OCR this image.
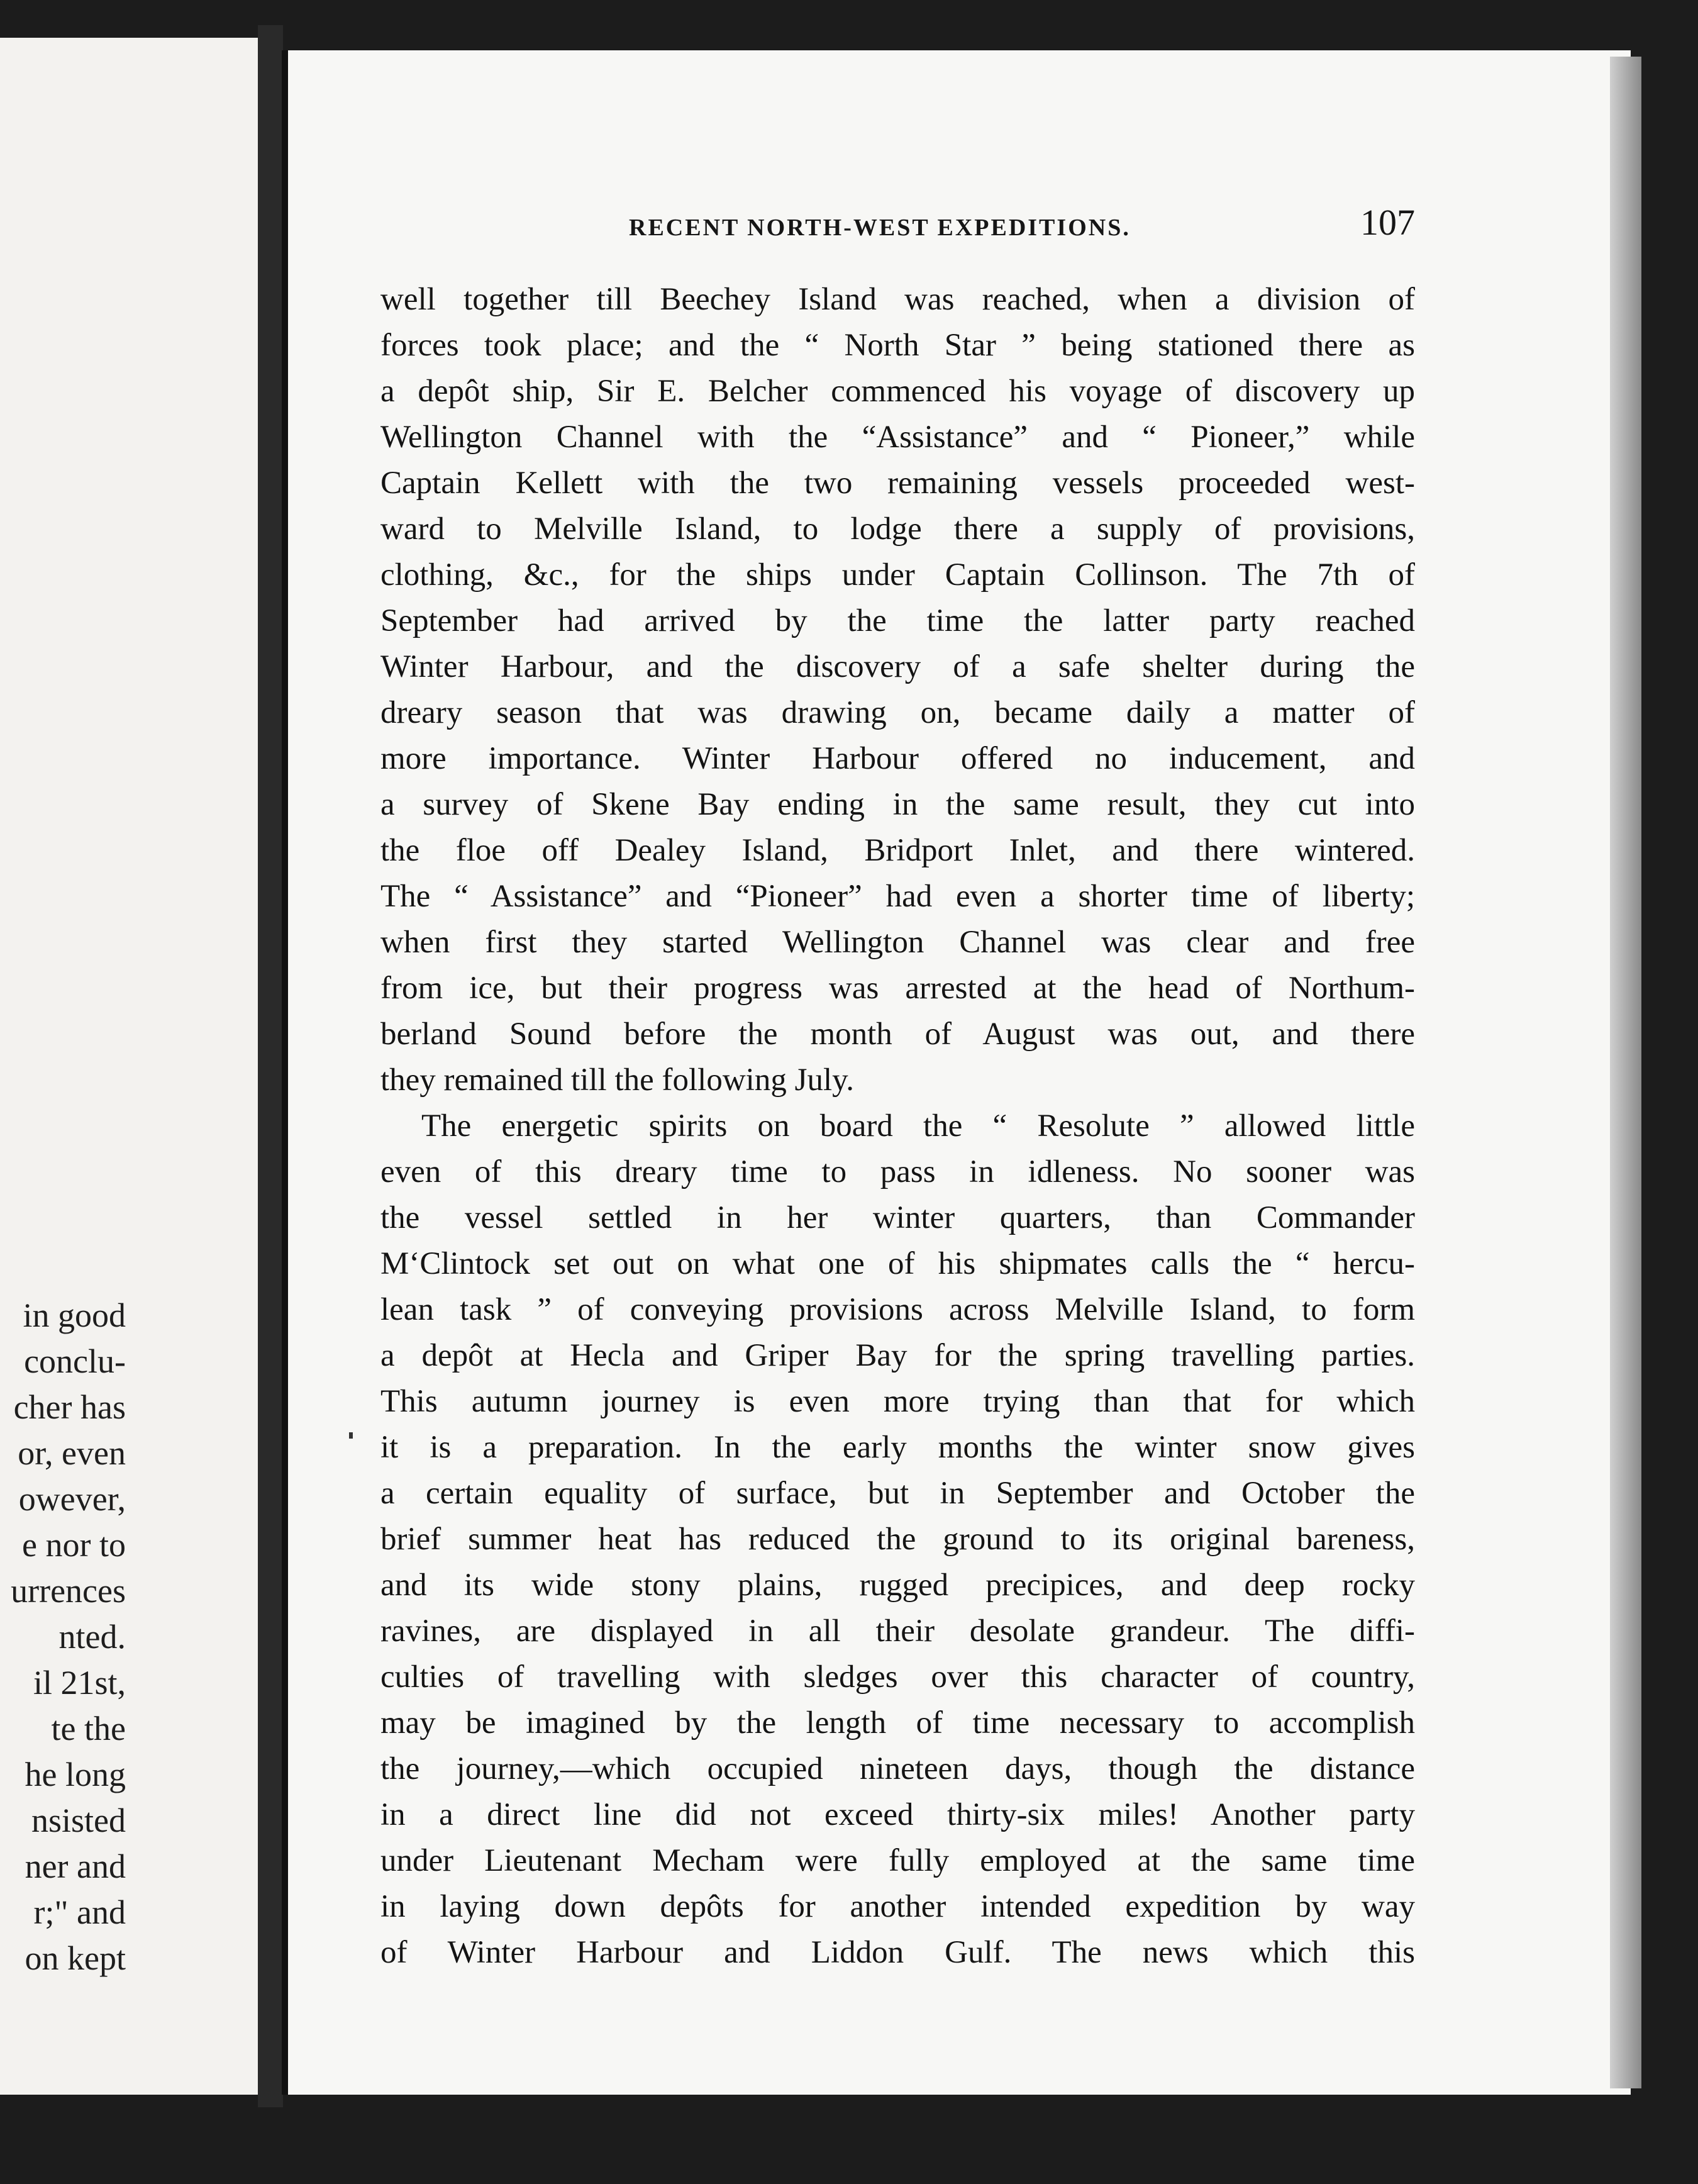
in good
conclu-
cher has
or, even
owever,
e nor to
urrences
nted.
il 21st,
te the
he long
nsisted
ner and
r;" and
on kept
RECENT NORTH-WEST EXPEDITIONS.	107
well together till Beechey Island was reached, when a division of
forces took place; and the “ North Star ” being stationed there as
a depôt ship, Sir E. Belcher commenced his voyage of discovery up
Wellington Channel with the “Assistance” and “ Pioneer,” while
Captain Kellett with the two remaining vessels proceeded west-
ward to Melville Island, to lodge there a supply of provisions,
clothing, &c., for the ships under Captain Collinson. The 7th of
September had arrived by the time the latter party reached
Winter Harbour, and the discovery of a safe shelter during the
dreary season that was drawing on, became daily a matter of
more importance. Winter Harbour offered no inducement, and
a survey of Skene Bay ending in the same result, they cut into
the floe off Dealey Island, Bridport Inlet, and there wintered.
The “ Assistance” and “Pioneer” had even a shorter time of liberty;
when first they started Wellington Channel was clear and free
from ice, but their progress was arrested at the head of Northum-
berland Sound before the month of August was out, and there
they remained till the following July.
The energetic spirits on board the “ Resolute ” allowed little
even of this dreary time to pass in idleness. No sooner was
the vessel settled in her winter quarters, than Commander
M‘Clintock set out on what one of his shipmates calls the “ hercu-
lean task ” of conveying provisions across Melville Island, to form
a depôt at Hecla and Griper Bay for the spring travelling parties.
This autumn journey is even more trying than that for which
it is a preparation. In the early months the winter snow gives
a certain equality of surface, but in September and October the
brief summer heat has reduced the ground to its original bareness,
and its wide stony plains, rugged precipices, and deep rocky
ravines, are displayed in all their desolate grandeur. The diffi-
culties of travelling with sledges over this character of country,
may be imagined by the length of time necessary to accomplish
the journey,—which occupied nineteen days, though the distance
in a direct line did not exceed thirty-six miles! Another party
under Lieutenant Mecham were fully employed at the same time
in laying down depôts for another intended expedition by way
of Winter Harbour and Liddon Gulf. The news which this
